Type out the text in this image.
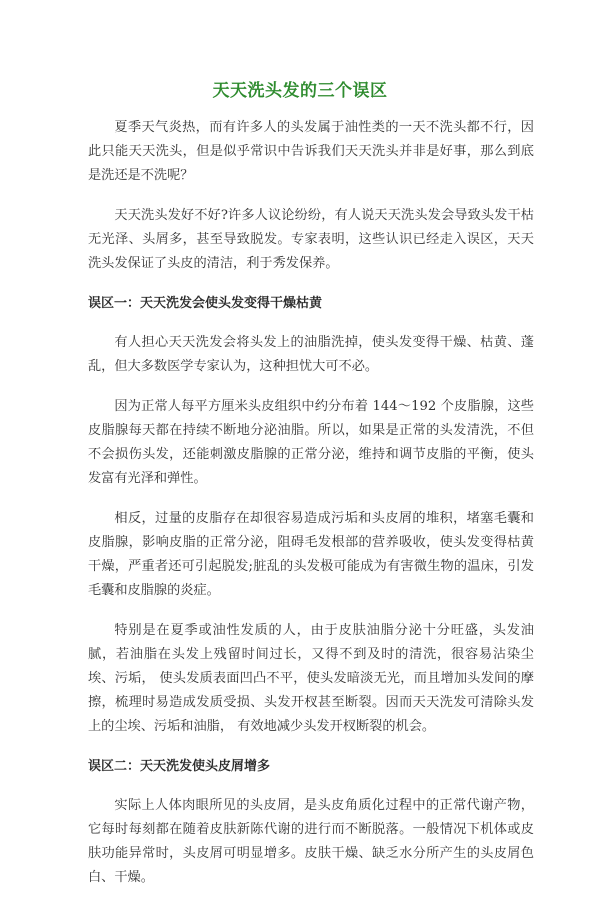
天天洗头发的三个误区

夏季天气炎热，而有许多人的头发属于油性类的一天不洗头都不行，因此只能天天洗头，但是似乎常识中告诉我们天天洗头并非是好事，那么到底是洗还是不洗呢？

天天洗头发好不好?许多人议论纷纷，有人说天天洗头发会导致头发干枯无光泽、头屑多，甚至导致脱发。专家表明，这些认识已经走入误区，天天洗头发保证了头皮的清洁，利于秀发保养。

误区一：天天洗发会使头发变得干燥枯黄

有人担心天天洗发会将头发上的油脂洗掉，使头发变得干燥、枯黄、蓬乱，但大多数医学专家认为，这种担忧大可不必。

因为正常人每平方厘米头皮组织中约分布着 144～192 个皮脂腺，这些皮脂腺每天都在持续不断地分泌油脂。所以，如果是正常的头发清洗，不但不会损伤头发，还能刺激皮脂腺的正常分泌，维持和调节皮脂的平衡，使头发富有光泽和弹性。

相反，过量的皮脂存在却很容易造成污垢和头皮屑的堆积，堵塞毛囊和皮脂腺，影响皮脂的正常分泌，阻碍毛发根部的营养吸收，使头发变得枯黄干燥，严重者还可引起脱发;脏乱的头发极可能成为有害微生物的温床，引发毛囊和皮脂腺的炎症。

特别是在夏季或油性发质的人，由于皮肤油脂分泌十分旺盛，头发油腻，若油脂在头发上残留时间过长，又得不到及时的清洗，很容易沾染尘埃、污垢， 使头发质表面凹凸不平，使头发暗淡无光，而且增加头发间的摩擦，梳理时易造成发质受损、头发开杈甚至断裂。因而天天洗发可清除头发上的尘埃、污垢和油脂， 有效地减少头发开杈断裂的机会。

误区二：天天洗发使头皮屑增多

实际上人体肉眼所见的头皮屑，是头皮角质化过程中的正常代谢产物，它每时每刻都在随着皮肤新陈代谢的进行而不断脱落。一般情况下机体或皮肤功能异常时，头皮屑可明显增多。皮肤干燥、缺乏水分所产生的头皮屑色白、干燥。
